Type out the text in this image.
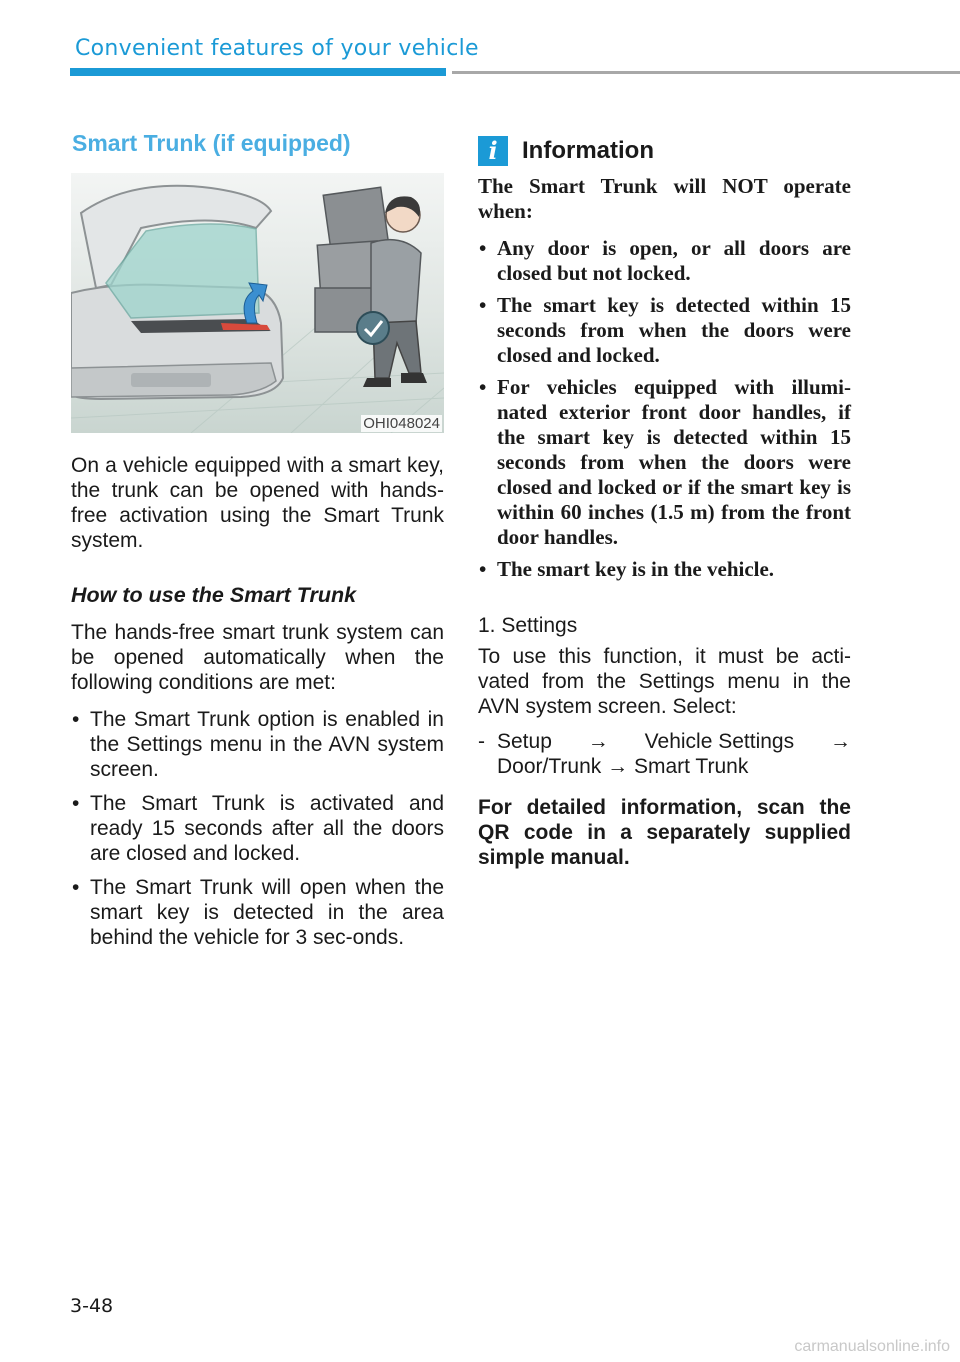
Convenient features of your vehicle
Smart Trunk (if equipped)
OHI048024

On a vehicle equipped with a smart key, the trunk can be opened with hands-free activation using the Smart Trunk system.

How to use the Smart Trunk

The hands-free smart trunk system can be opened automatically when the following conditions are met:

• The Smart Trunk option is enabled in the Settings menu in the AVN system screen.
• The Smart Trunk is activated and ready 15 seconds after all the doors are closed and locked.
• The Smart Trunk will open when the smart key is detected in the area behind the vehicle for 3 sec-onds.
i	Information

The Smart Trunk will NOT operate when:

• Any door is open, or all doors are closed but not locked.
• The smart key is detected within 15 seconds from when the doors were closed and locked.
• For vehicles equipped with illumi-nated exterior front door handles, if the smart key is detected within 15 seconds from when the doors were closed and locked or if the smart key is within 60 inches (1.5 m) from the front door handles.
• The smart key is in the vehicle.
1. Settings

To use this function, it must be acti-vated from the Settings menu in the AVN system screen. Select:

- Setup → Vehicle Settings →
Door/Trunk → Smart Trunk
For detailed information, scan the QR code in a separately supplied simple manual.
3-48
carmanualsonline.info
